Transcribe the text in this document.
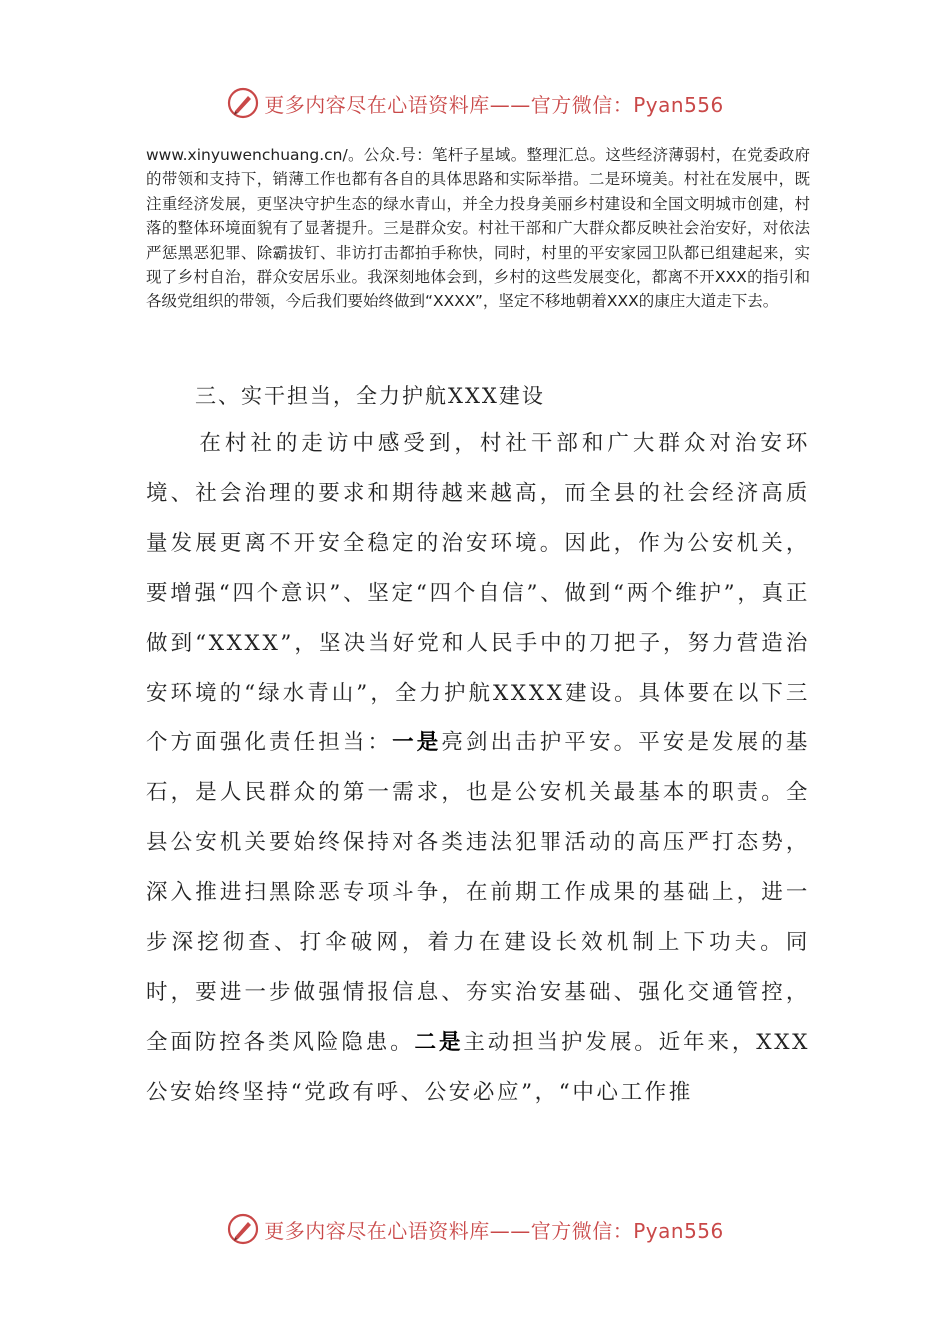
更多内容尽在心语资料库——官方微信：Pyan556
www.xinyuwenchuang.cn/。公众.号：笔杆子星域。整理汇总。这些经济薄弱村，在党委政府的带领和支持下，销薄工作也都有各自的具体思路和实际举措。二是环境美。村社在发展中，既注重经济发展，更坚决守护生态的绿水青山，并全力投身美丽乡村建设和全国文明城市创建，村落的整体环境面貌有了显著提升。三是群众安。村社干部和广大群众都反映社会治安好，对依法严惩黑恶犯罪、除霸拔钉、非访打击都拍手称快，同时，村里的平安家园卫队都已组建起来，实现了乡村自治，群众安居乐业。我深刻地体会到，乡村的这些发展变化，都离不开XXX的指引和各级党组织的带领，今后我们要始终做到“XXXX”，坚定不移地朝着XXX的康庄大道走下去。
三、实干担当，全力护航XXX建设
在村社的走访中感受到，村社干部和广大群众对治安环境、社会治理的要求和期待越来越高，而全县的社会经济高质量发展更离不开安全稳定的治安环境。因此，作为公安机关，要增强“四个意识”、坚定“四个自信”、做到“两个维护”，真正做到“XXXX”，坚决当好党和人民手中的刀把子，努力营造治安环境的“绿水青山”，全力护航XXXX建设。具体要在以下三个方面强化责任担当：一是亮剑出击护平安。平安是发展的基石，是人民群众的第一需求，也是公安机关最基本的职责。全县公安机关要始终保持对各类违法犯罪活动的高压严打态势，深入推进扫黑除恶专项斗争，在前期工作成果的基础上，进一步深挖彻查、打伞破网，着力在建设长效机制上下功夫。同时，要进一步做强情报信息、夯实治安基础、强化交通管控，全面防控各类风险隐患。二是主动担当护发展。近年来，XXX公安始终坚持“党政有呼、公安必应”，“中心工作推
更多内容尽在心语资料库——官方微信：Pyan556
